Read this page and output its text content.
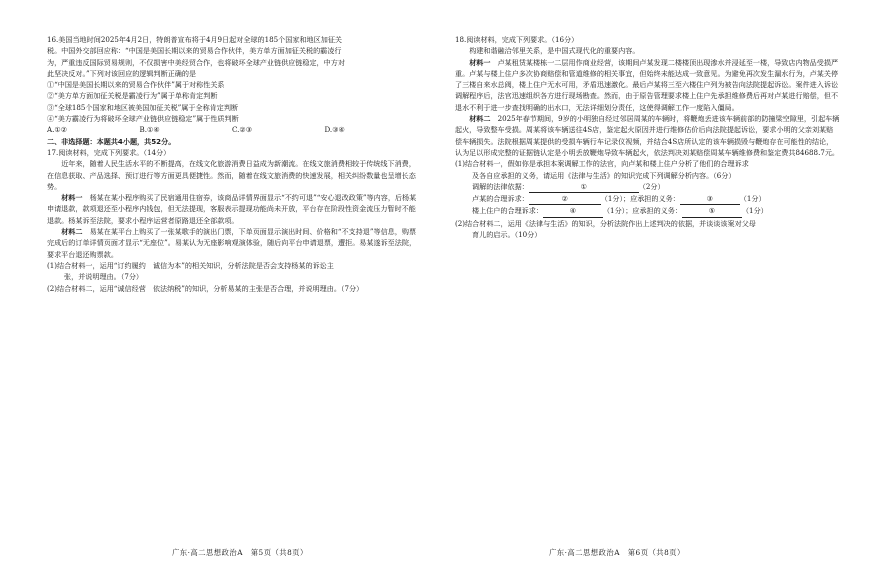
16.美国当地时间2025年4月2日，特朗普宣布将于4月9日起对全球的185个国家和地区加征关

税。中国外交部回应称：“中国是美国长期以来的贸易合作伙伴，美方单方面加征关税的霸凌行

为，严重违反国际贸易规则，不仅损害中美经贸合作，也将破坏全球产业链供应链稳定，中方对

此坚决反对。”下列对该回应的逻辑判断正确的是

①“中国是美国长期以来的贸易合作伙伴”属于对称性关系

②“美方单方面加征关税是霸凌行为”属于单称肯定判断

③“全球185个国家和地区被美国加征关税”属于全称肯定判断

④“美方霸凌行为将破坏全球产业链供应链稳定”属于性质判断

A.①②	B.①④	C.②③	D.③④

二、非选择题：本题共4小题，共52分。

17.阅读材料，完成下列要求。（14分）

近年来，随着人民生活水平的不断提高，在线文化旅游消费日益成为新潮流。在线文旅消费相较于传统线下消费，在信息获取、产品选择、预订进行等方面更具便捷性。然而，随着在线文旅消费的快速发展，相关纠纷数量也呈增长态势。

材料一　 杨某在某小程序购买了民宿通用住宿券，该商品详情界面显示“不约可退”“安心退改政策”等内容，后杨某申请退款，款项退还至小程序内钱包，但无法提现，客服表示提现功能尚未开放，平台存在阶段性资金流压力暂时不能退款。杨某诉至法院，要求小程序运营者原路退还全部款项。

材料二　 易某在某平台上购买了一张某歌手的演出门票，下单页面显示演出时间、价格和“不支持退”等信息，购票完成后的订单详情页面才显示“无座位”。易某认为无座影响观演体验，随后向平台申请退票，遭拒。易某遂诉至法院，要求平台退还购票款。

(1)结合材料一，运用“订约履约　诚信为本”的相关知识，分析法院是否会支持杨某的诉讼主

张，并说明理由。（7分）

(2)结合材料二，运用“诚信经营　依法纳税”的知识，分析易某的主张是否合理，并说明理由。（7分）

广东·高二思想政治A　第5页（共8页）

18.阅读材料，完成下列要求。（16分）

构建和谐融洽邻里关系，是中国式现代化的重要内容。

材料一　 卢某租赁某楼栋一二层用作商业经营，该期间卢某发现二楼楼顶出现渗水并浸延至一楼，导致店内物品受损严重。卢某与楼上住户多次协商赔偿和管道维修的相关事宜，但始终未能达成一致意见。为避免再次发生漏水行为，卢某关停了三楼自来水总阀，楼上住户无水可用，矛盾迅速激化。最后卢某将三至六楼住户列为被告向法院提起诉讼。案件进入诉讼调解程序后，法官迅速组织各方进行现场勘查。然而，由于原告管理要求楼上住户先承担维修费后再对卢某进行赔偿，但不退水不利于进一步查找明确的出水口，无法详细划分责任，这使得调解工作一度陷入僵局。

材料二　 2025年春节期间，9岁的小明独自经过邻居周某的车辆时，将鞭炮丢进该车辆前部的防撞梁空隙里，引起车辆起火，导致整车受损。周某将该车辆送往4S店，鉴定起火原因并进行维修估价后向法院提起诉讼，要求小明的父亲刘某赔偿车辆损失。法院根据周某提供的受损车辆行车记录仪视频，并结合4S店所认定的该车辆损毁与鞭炮存在可能性的结论，认为足以形成完整的证据链认定是小明丢放鞭炮导致车辆起火，依法判决刘某赔偿周某车辆维修费和鉴定费共84688.7元。

(1)结合材料一，假如你是承担本案调解工作的法官，向卢某和楼上住户分析了他们的合理诉求

及各自应承担的义务，请运用《法律与生活》的知识完成下列调解分析内容。（6分）

调解的法律依据：	①	（2分）
卢某的合理诉求：	②	（1分）；应承担的义务：	③	（1分）
楼上住户的合理诉求：	④	（1分）；应承担的义务：	⑤	（1分）

(2)结合材料二，运用《法律与生活》的知识，分析法院作出上述判决的依据，并谈谈该案对父母

育儿的启示。（10分）

广东·高二思想政治A　第6页（共8页）
